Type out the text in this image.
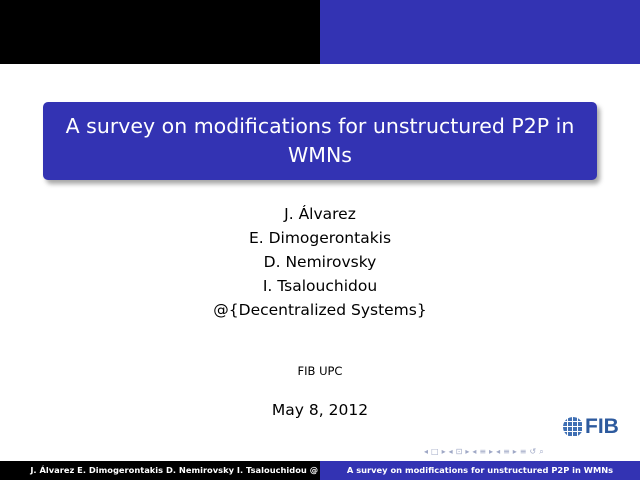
A survey on modifications for unstructured P2P in WMNs
J. Álvarez
E. Dimogerontakis
D. Nemirovsky
I. Tsalouchidou
@{Decentralized Systems}
FIB UPC
May 8, 2012
FIB
◂ □ ▸ ◂ ⊡ ▸ ◂ ≡ ▸ ◂ ≡ ▸ ≡ ↺ ⌕
J. Álvarez E. Dimogerontakis D. Nemirovsky I. Tsalouchidou @	A survey on modifications for unstructured P2P in WMNs
